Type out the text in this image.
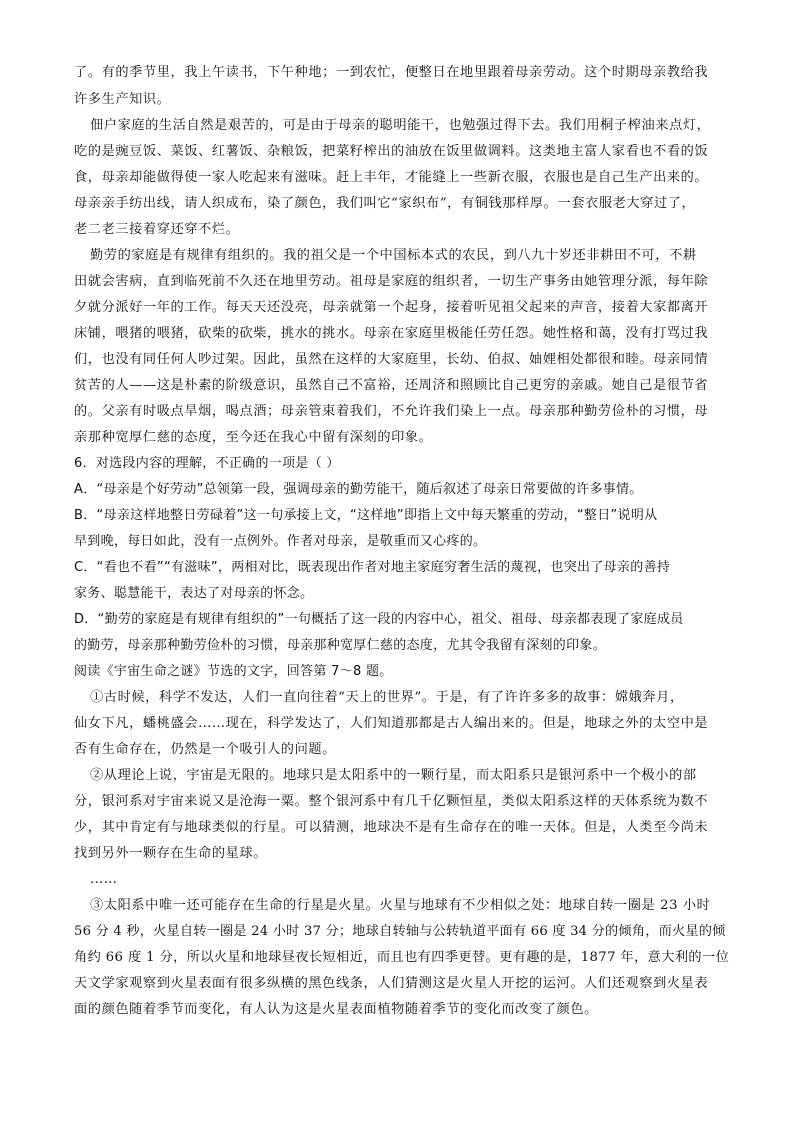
了。有的季节里，我上午读书，下午种地；一到农忙，便整日在地里跟着母亲劳动。这个时期母亲教给我
许多生产知识。
佃户家庭的生活自然是艰苦的，可是由于母亲的聪明能干，也勉强过得下去。我们用桐子榨油来点灯，
吃的是豌豆饭、菜饭、红薯饭、杂粮饭，把菜籽榨出的油放在饭里做调料。这类地主富人家看也不看的饭
食，母亲却能做得使一家人吃起来有滋味。赶上丰年，才能缝上一些新衣服，衣服也是自己生产出来的。
母亲亲手纺出线，请人织成布，染了颜色，我们叫它“家织布”，有铜钱那样厚。一套衣服老大穿过了，
老二老三接着穿还穿不烂。
勤劳的家庭是有规律有组织的。我的祖父是一个中国标本式的农民，到八九十岁还非耕田不可，不耕
田就会害病，直到临死前不久还在地里劳动。祖母是家庭的组织者，一切生产事务由她管理分派，每年除
夕就分派好一年的工作。每天天还没亮，母亲就第一个起身，接着听见祖父起来的声音，接着大家都离开
床铺，喂猪的喂猪，砍柴的砍柴，挑水的挑水。母亲在家庭里极能任劳任怨。她性格和蔼，没有打骂过我
们，也没有同任何人吵过架。因此，虽然在这样的大家庭里，长幼、伯叔、妯娌相处都很和睦。母亲同情
贫苦的人——这是朴素的阶级意识，虽然自己不富裕，还周济和照顾比自己更穷的亲戚。她自己是很节省
的。父亲有时吸点旱烟，喝点酒；母亲管束着我们，不允许我们染上一点。母亲那种勤劳俭朴的习惯，母
亲那种宽厚仁慈的态度，至今还在我心中留有深刻的印象。
6．对选段内容的理解，不正确的一项是（ ）
A．“母亲是个好劳动”总领第一段，强调母亲的勤劳能干，随后叙述了母亲日常要做的许多事情。
B．“母亲这样地整日劳碌着”这一句承接上文，“这样地”即指上文中每天繁重的劳动，“整日”说明从
早到晚，每日如此，没有一点例外。作者对母亲，是敬重而又心疼的。
C．“看也不看”“有滋味”，两相对比，既表现出作者对地主家庭穷奢生活的蔑视，也突出了母亲的善持
家务、聪慧能干，表达了对母亲的怀念。
D．“勤劳的家庭是有规律有组织的”一句概括了这一段的内容中心，祖父、祖母、母亲都表现了家庭成员
的勤劳，母亲那种勤劳俭朴的习惯，母亲那种宽厚仁慈的态度，尤其令我留有深刻的印象。
阅读《宇宙生命之谜》节选的文字，回答第 7～8 题。
①古时候，科学不发达，人们一直向往着“天上的世界”。于是，有了许许多多的故事：嫦娥奔月，
仙女下凡，蟠桃盛会……现在，科学发达了，人们知道那都是古人编出来的。但是，地球之外的太空中是
否有生命存在，仍然是一个吸引人的问题。
②从理论上说，宇宙是无限的。地球只是太阳系中的一颗行星，而太阳系只是银河系中一个极小的部
分，银河系对宇宙来说又是沧海一粟。整个银河系中有几千亿颗恒星，类似太阳系这样的天体系统为数不
少，其中肯定有与地球类似的行星。可以猜测，地球决不是有生命存在的唯一天体。但是，人类至今尚未
找到另外一颗存在生命的星球。
……
③太阳系中唯一还可能存在生命的行星是火星。火星与地球有不少相似之处：地球自转一圈是 23 小时
56 分 4 秒，火星自转一圈是 24 小时 37 分；地球自转轴与公转轨道平面有 66 度 34 分的倾角，而火星的倾
角约 66 度 1 分，所以火星和地球昼夜长短相近，而且也有四季更替。更有趣的是，1877 年，意大利的一位
天文学家观察到火星表面有很多纵横的黑色线条，人们猜测这是火星人开挖的运河。人们还观察到火星表
面的颜色随着季节而变化，有人认为这是火星表面植物随着季节的变化而改变了颜色。
